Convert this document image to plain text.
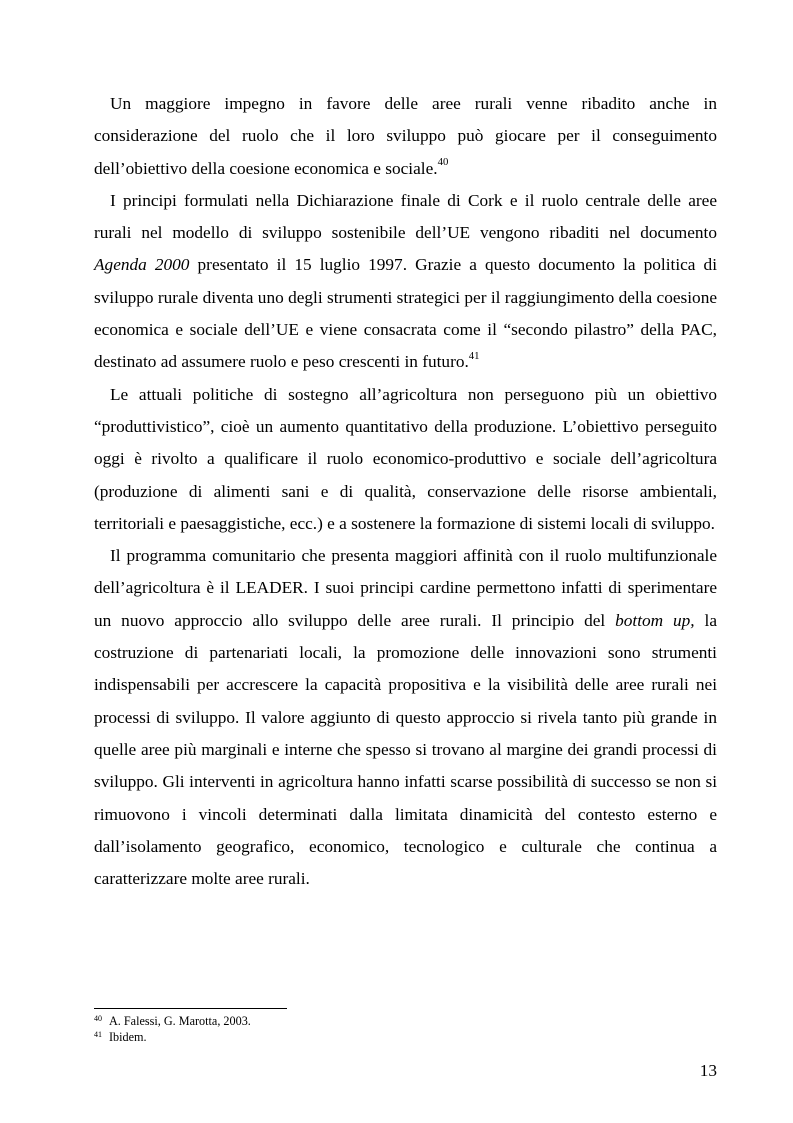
Un maggiore impegno in favore delle aree rurali venne ribadito anche in considerazione del ruolo che il loro sviluppo può giocare per il conseguimento dell’obiettivo della coesione economica e sociale.$^{40}$

I principi formulati nella Dichiarazione finale di Cork e il ruolo centrale delle aree rurali nel modello di sviluppo sostenibile dell’UE vengono ribaditi nel documento Agenda 2000 presentato il 15 luglio 1997. Grazie a questo documento la politica di sviluppo rurale diventa uno degli strumenti strategici per il raggiungimento della coesione economica e sociale dell’UE e viene consacrata come il “secondo pilastro” della PAC, destinato ad assumere ruolo e peso crescenti in futuro.$^{41}$

Le attuali politiche di sostegno all’agricoltura non perseguono più un obiettivo “produttivistico”, cioè un aumento quantitativo della produzione. L’obiettivo perseguito oggi è rivolto a qualificare il ruolo economico-produttivo e sociale dell’agricoltura (produzione di alimenti sani e di qualità, conservazione delle risorse ambientali, territoriali e paesaggistiche, ecc.) e a sostenere la formazione di sistemi locali di sviluppo.

Il programma comunitario che presenta maggiori affinità con il ruolo multifunzionale dell’agricoltura è il LEADER. I suoi principi cardine permettono infatti di sperimentare un nuovo approccio allo sviluppo delle aree rurali. Il principio del bottom up, la costruzione di partenariati locali, la promozione delle innovazioni sono strumenti indispensabili per accrescere la capacità propositiva e la visibilità delle aree rurali nei processi di sviluppo. Il valore aggiunto di questo approccio si rivela tanto più grande in quelle aree più marginali e interne che spesso si trovano al margine dei grandi processi di sviluppo. Gli interventi in agricoltura hanno infatti scarse possibilità di successo se non si rimuovono i vincoli determinati dalla limitata dinamicità del contesto esterno e dall’isolamento geografico, economico, tecnologico e culturale che continua a caratterizzare molte aree rurali.

40 A. Falessi, G. Marotta, 2003.
41 Ibidem.
13
